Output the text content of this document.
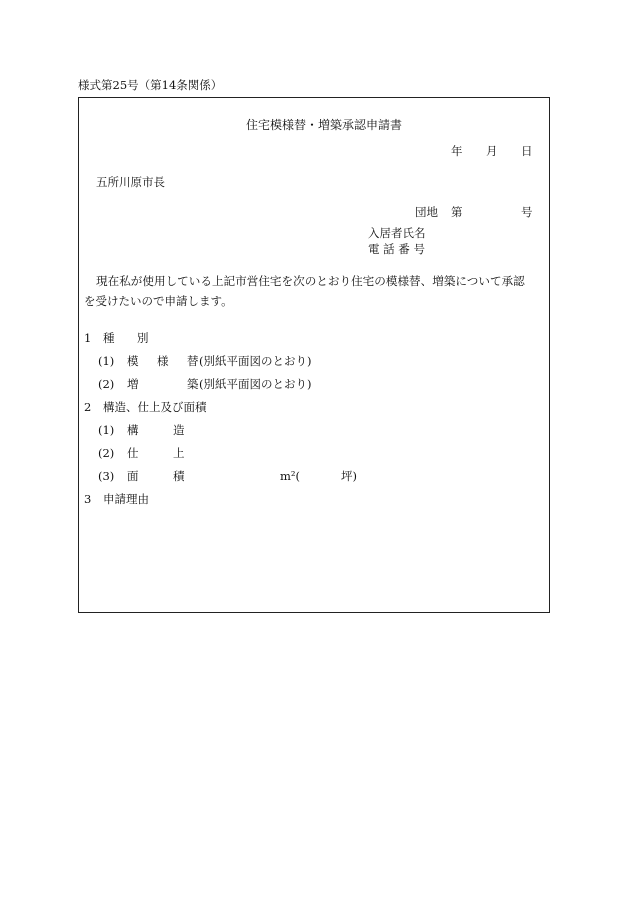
様式第25号（第14条関係）
住宅模様替・増築承認申請書
年 月 日
五所川原市長
団地 第	号
入居者氏名
電 話 番 号
現在私が使用している上記市営住宅を次のとおり住宅の模様替、増築について承認
を受けたいので申請します。
1 種 別
(1) 模 様 替 (別紙平面図のとおり)
(2) 増	築 (別紙平面図のとおり)
2 構造、仕上及び面積
(1) 構	造
(2) 仕	上
(3) 面	積	m²(	坪)
3 申請理由
